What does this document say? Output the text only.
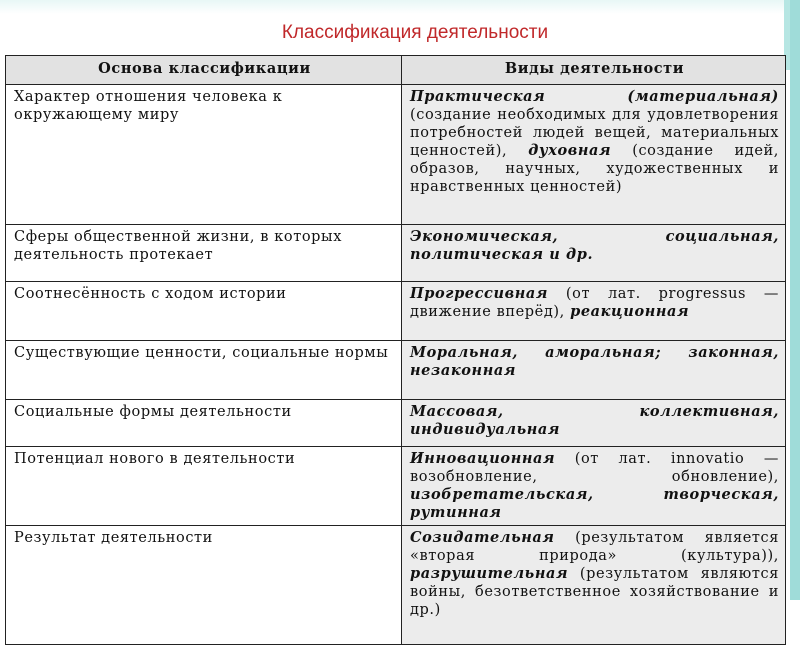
Классификация деятельности
Основа классификации	Виды деятельности
Характер отношения человека к окружающему миру	Практическая (материальная) (создание необходимых для удовлетворения потребностей людей вещей, материальных ценностей), духовная (создание идей, образов, научных, художественных и нравственных ценностей)
Сферы общественной жизни, в которых деятельность протекает	Экономическая, социальная, политическая и др.
Соотнесённость с ходом истории	Прогрессивная (от лат. progressus — движение вперёд), реакционная
Существующие ценности, социальные нормы	Моральная, аморальная; законная, незаконная
Социальные формы деятельности	Массовая, коллективная, индивидуальная
Потенциал нового в деятельности	Инновационная (от лат. innovatio — возобновление, обновление), изобретательская, творческая, рутинная
Результат деятельности	Созидательная (результатом является «вторая природа» (культура)), разрушительная (результатом являются войны, безответственное хозяйствование и др.)
